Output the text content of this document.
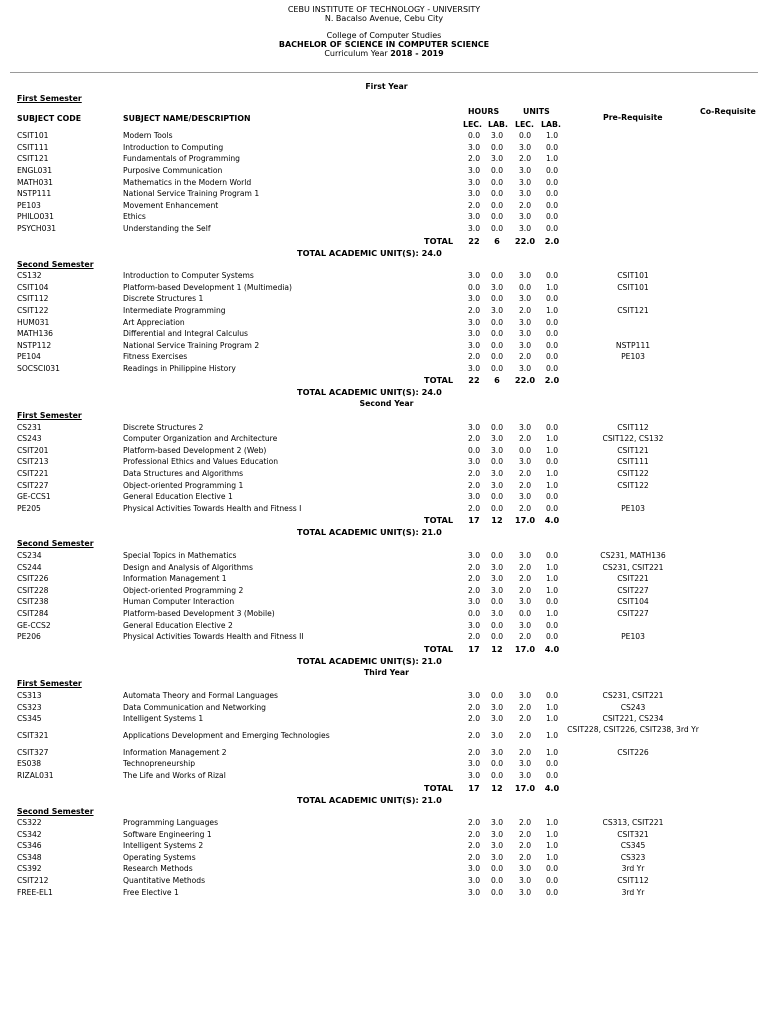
CEBU INSTITUTE OF TECHNOLOGY - UNIVERSITY
N. Bacalso Avenue, Cebu City
College of Computer Studies
BACHELOR OF SCIENCE IN COMPUTER SCIENCE
Curriculum Year 2018 - 2019
First Year
First Semester
SUBJECT CODE	SUBJECT NAME/DESCRIPTION
HOURS	UNITS
LEC. LAB. LEC. LAB.
Pre-Requisite
Co-Requisite
CSIT101	Modern Tools	0.0	3.0	0.0	1.0
CSIT111	Introduction to Computing	3.0	0.0	3.0	0.0
CSIT121	Fundamentals of Programming	2.0	3.0	2.0	1.0
ENGL031	Purposive Communication	3.0	0.0	3.0	0.0
MATH031	Mathematics in the Modern World	3.0	0.0	3.0	0.0
NSTP111	National Service Training Program 1	3.0	0.0	3.0	0.0
PE103	Movement Enhancement	2.0	0.0	2.0	0.0
PHILO031	Ethics	3.0	0.0	3.0	0.0
PSYCH031	Understanding the Self	3.0	0.0	3.0	0.0
TOTAL	22	6	22.0	2.0
TOTAL ACADEMIC UNIT(S): 24.0
Second Semester
CS132	Introduction to Computer Systems	3.0	0.0	3.0	0.0	CSIT101
CSIT104	Platform-based Development 1 (Multimedia)	0.0	3.0	0.0	1.0	CSIT101
CSIT112	Discrete Structures 1	3.0	0.0	3.0	0.0
CSIT122	Intermediate Programming	2.0	3.0	2.0	1.0	CSIT121
HUM031	Art Appreciation	3.0	0.0	3.0	0.0
MATH136	Differential and Integral Calculus	3.0	0.0	3.0	0.0
NSTP112	National Service Training Program 2	3.0	0.0	3.0	0.0	NSTP111
PE104	Fitness Exercises	2.0	0.0	2.0	0.0	PE103
SOCSCI031	Readings in Philippine History	3.0	0.0	3.0	0.0
TOTAL	22	6	22.0	2.0
TOTAL ACADEMIC UNIT(S): 24.0
Second Year
First Semester
CS231	Discrete Structures 2	3.0	0.0	3.0	0.0	CSIT112
CS243	Computer Organization and Architecture	2.0	3.0	2.0	1.0	CSIT122, CS132
CSIT201	Platform-based Development 2 (Web)	0.0	3.0	0.0	1.0	CSIT121
CSIT213	Professional Ethics and Values Education	3.0	0.0	3.0	0.0	CSIT111
CSIT221	Data Structures and Algorithms	2.0	3.0	2.0	1.0	CSIT122
CSIT227	Object-oriented Programming 1	2.0	3.0	2.0	1.0	CSIT122
GE-CCS1	General Education Elective 1	3.0	0.0	3.0	0.0
PE205	Physical Activities Towards Health and Fitness I	2.0	0.0	2.0	0.0	PE103
TOTAL	17	12	17.0	4.0
TOTAL ACADEMIC UNIT(S): 21.0
Second Semester
CS234	Special Topics in Mathematics	3.0	0.0	3.0	0.0	CS231, MATH136
CS244	Design and Analysis of Algorithms	2.0	3.0	2.0	1.0	CS231, CSIT221
CSIT226	Information Management 1	2.0	3.0	2.0	1.0	CSIT221
CSIT228	Object-oriented Programming 2	2.0	3.0	2.0	1.0	CSIT227
CSIT238	Human Computer Interaction	3.0	0.0	3.0	0.0	CSIT104
CSIT284	Platform-based Development 3 (Mobile)	0.0	3.0	0.0	1.0	CSIT227
GE-CCS2	General Education Elective 2	3.0	0.0	3.0	0.0
PE206	Physical Activities Towards Health and Fitness II	2.0	0.0	2.0	0.0	PE103
TOTAL	17	12	17.0	4.0
TOTAL ACADEMIC UNIT(S): 21.0
Third Year
First Semester
CS313	Automata Theory and Formal Languages	3.0	0.0	3.0	0.0	CS231, CSIT221
CS323	Data Communication and Networking	2.0	3.0	2.0	1.0	CS243
CS345	Intelligent Systems 1	2.0	3.0	2.0	1.0	CSIT221, CS234
CSIT321	Applications Development and Emerging Technologies	2.0	3.0	2.0	1.0
CSIT228, CSIT226, CSIT238, 3rd Yr
CSIT327	Information Management 2	2.0	3.0	2.0	1.0	CSIT226
ES038	Technopreneurship	3.0	0.0	3.0	0.0
RIZAL031	The Life and Works of Rizal	3.0	0.0	3.0	0.0
TOTAL	17	12	17.0	4.0
TOTAL ACADEMIC UNIT(S): 21.0
Second Semester
CS322	Programming Languages	2.0	3.0	2.0	1.0	CS313, CSIT221
CS342	Software Engineering 1	2.0	3.0	2.0	1.0	CSIT321
CS346	Intelligent Systems 2	2.0	3.0	2.0	1.0	CS345
CS348	Operating Systems	2.0	3.0	2.0	1.0	CS323
CS392	Research Methods	3.0	0.0	3.0	0.0	3rd Yr
CSIT212	Quantitative Methods	3.0	0.0	3.0	0.0	CSIT112
FREE-EL1	Free Elective 1	3.0	0.0	3.0	0.0	3rd Yr
